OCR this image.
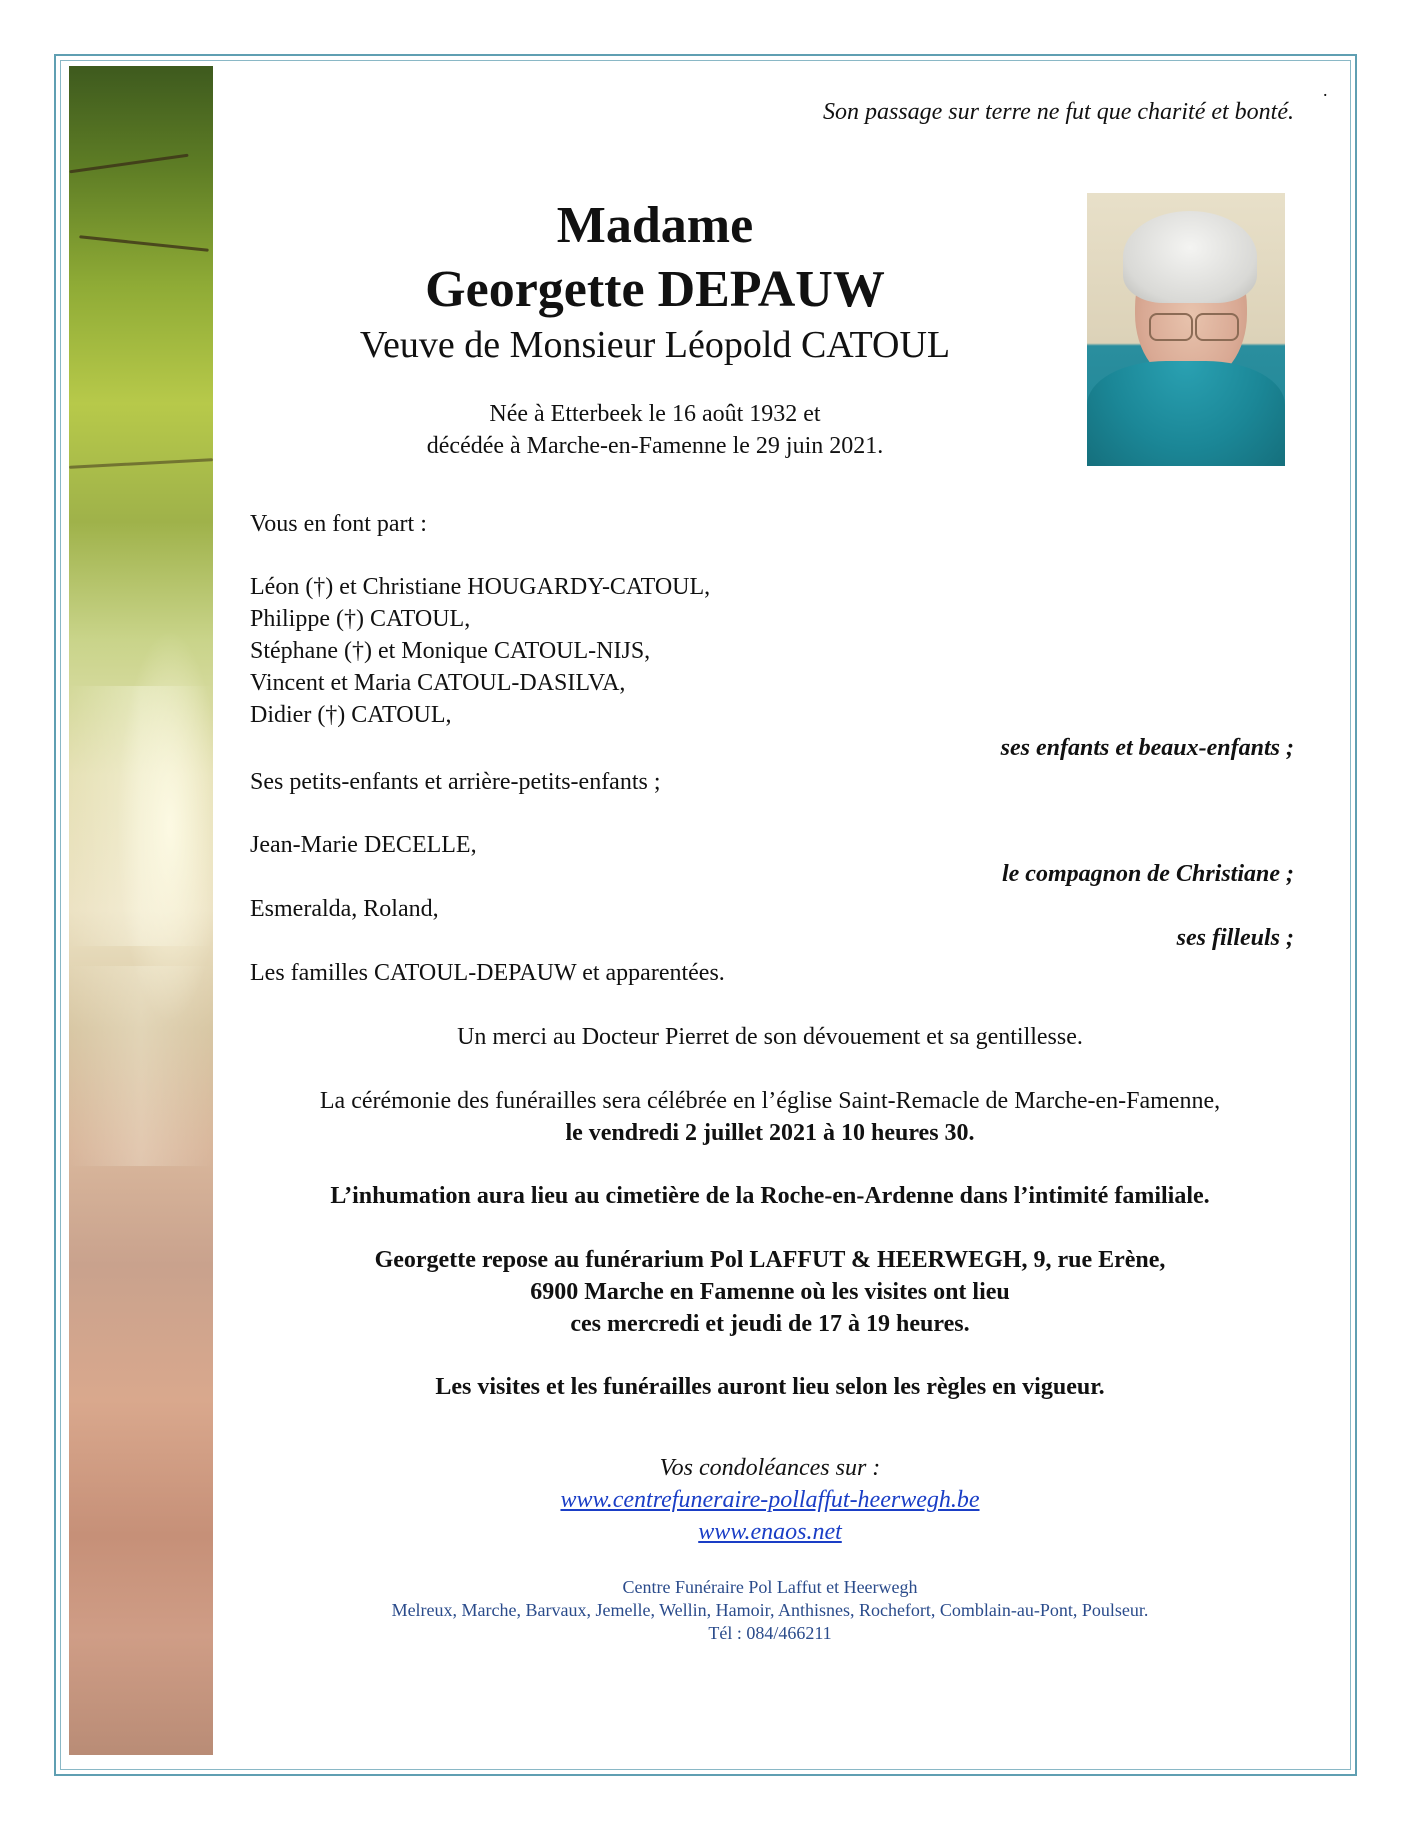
.
Son passage sur terre ne fut que charité et bonté.
Madame
Georgette DEPAUW
Veuve de Monsieur Léopold CATOUL
Née à Etterbeek le 16 août 1932 et
décédée à Marche-en-Famenne le 29 juin 2021.
Vous en font part :
Léon (†) et Christiane HOUGARDY-CATOUL,
Philippe (†) CATOUL,
Stéphane (†) et Monique CATOUL-NIJS,
Vincent et Maria CATOUL-DASILVA,
Didier (†) CATOUL,
ses enfants et beaux-enfants ;
Ses petits-enfants et arrière-petits-enfants ;
Jean-Marie DECELLE,
le compagnon de Christiane ;
Esmeralda, Roland,
ses filleuls ;
Les familles CATOUL-DEPAUW et apparentées.
Un merci au Docteur Pierret de son dévouement et sa gentillesse.
La cérémonie des funérailles sera célébrée en l’église Saint-Remacle de Marche-en-Famenne,
le vendredi 2 juillet 2021 à 10 heures 30.
L’inhumation aura lieu au cimetière de la Roche-en-Ardenne dans l’intimité familiale.
Georgette repose au funérarium Pol LAFFUT & HEERWEGH, 9, rue Erène,
6900 Marche en Famenne où les visites ont lieu
ces mercredi et jeudi de 17 à 19 heures.
Les visites et les funérailles auront lieu selon les règles en vigueur.
Vos condoléances sur :
www.centrefuneraire-pollaffut-heerwegh.be
www.enaos.net
Centre Funéraire Pol Laffut et Heerwegh
Melreux, Marche, Barvaux, Jemelle, Wellin, Hamoir, Anthisnes, Rochefort, Comblain-au-Pont, Poulseur.
Tél : 084/466211
